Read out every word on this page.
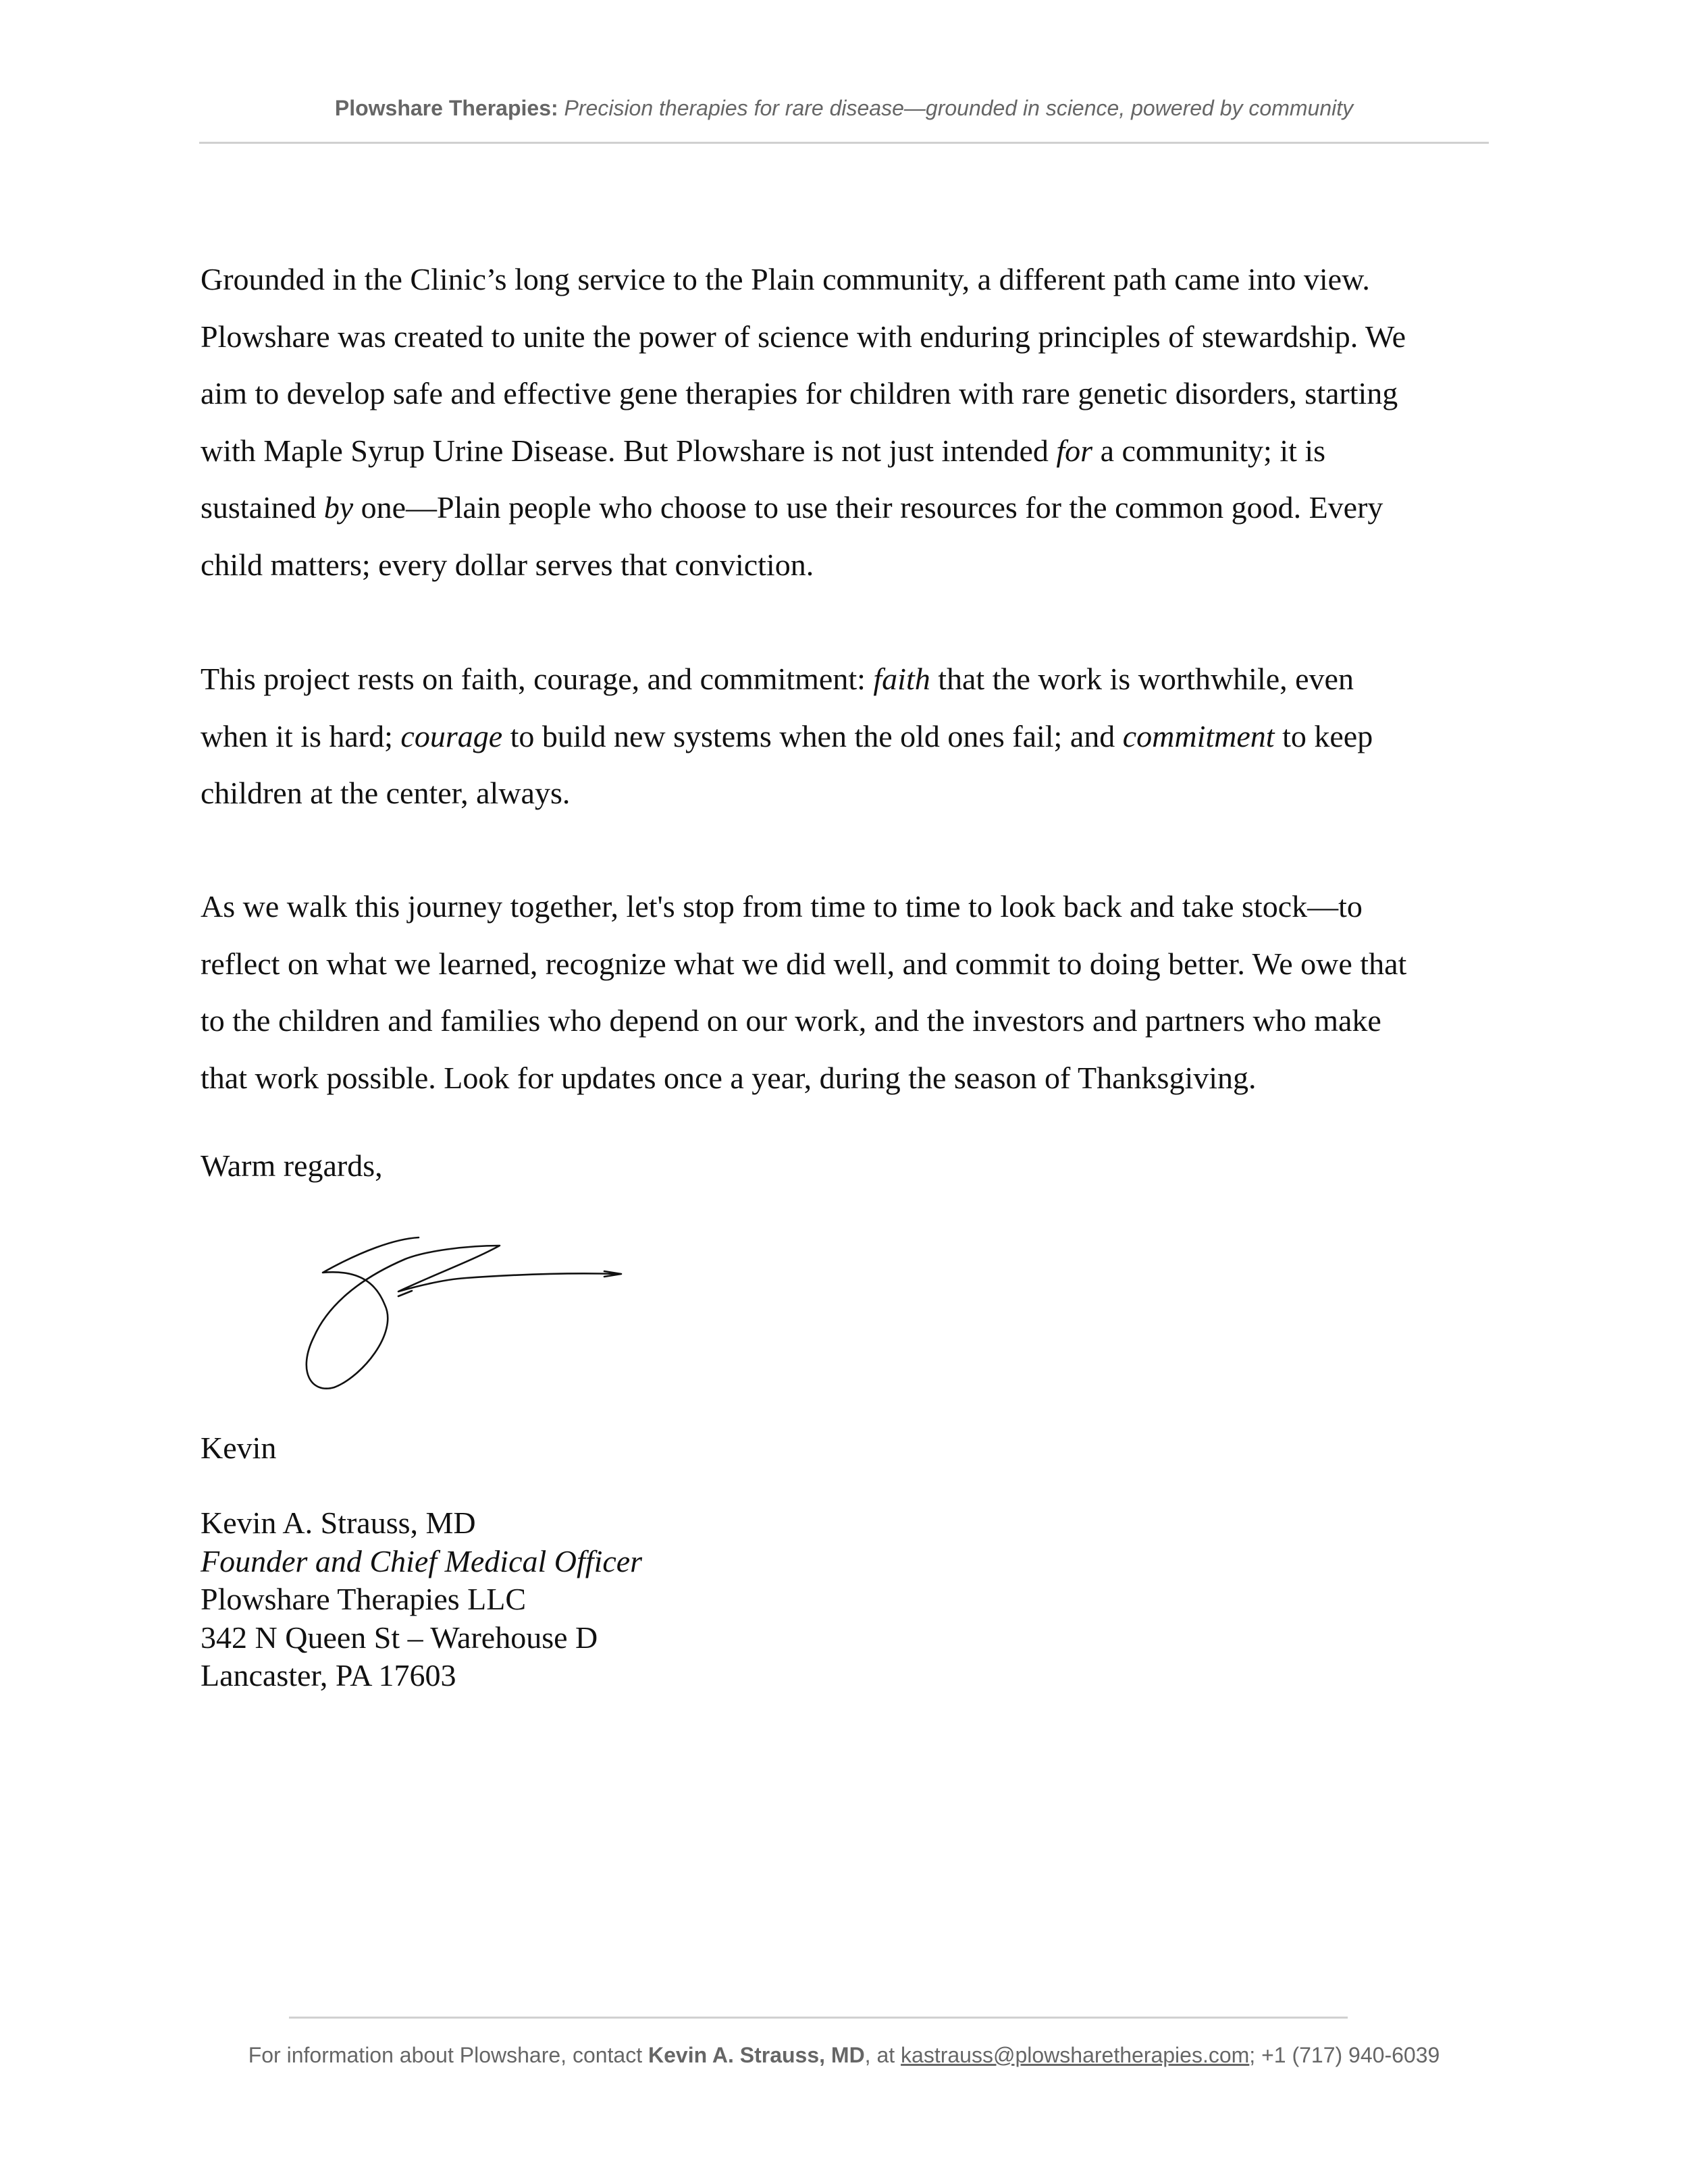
Plowshare Therapies: Precision therapies for rare disease—grounded in science, powered by community

Grounded in the Clinic’s long service to the Plain community, a different path came into view.

Plowshare was created to unite the power of science with enduring principles of stewardship. We

aim to develop safe and effective gene therapies for children with rare genetic disorders, starting

with Maple Syrup Urine Disease. But Plowshare is not just intended for a community; it is

sustained by one—Plain people who choose to use their resources for the common good. Every

child matters; every dollar serves that conviction.

This project rests on faith, courage, and commitment: faith that the work is worthwhile, even

when it is hard; courage to build new systems when the old ones fail; and commitment to keep

children at the center, always.

As we walk this journey together, let's stop from time to time to look back and take stock—to

reflect on what we learned, recognize what we did well, and commit to doing better. We owe that

to the children and families who depend on our work, and the investors and partners who make

that work possible. Look for updates once a year, during the season of Thanksgiving.

Warm regards,
Kevin
Kevin A. Strauss, MD
Founder and Chief Medical Officer
Plowshare Therapies LLC
342 N Queen St – Warehouse D
Lancaster, PA 17603
For information about Plowshare, contact Kevin A. Strauss, MD, at kastrauss@plowsharetherapies.com; +1 (717) 940-6039
